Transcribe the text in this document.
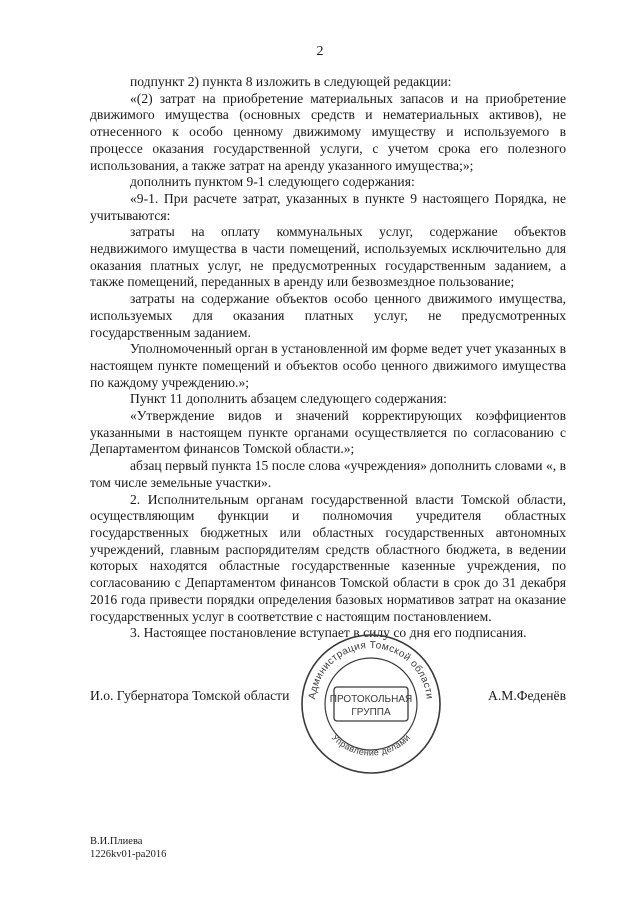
2

подпункт 2) пункта 8 изложить в следующей редакции:

«(2) затрат на приобретение материальных запасов и на приобретение движимого имущества (основных средств и нематериальных активов), не отнесенного к особо ценному движимому имуществу и используемого в процессе оказания государственной услуги, с учетом срока его полезного использования, а также затрат на аренду указанного имущества;»;

дополнить пунктом 9-1 следующего содержания:

«9-1. При расчете затрат, указанных в пункте 9 настоящего Порядка, не учитываются:

затраты на оплату коммунальных услуг, содержание объектов недвижимого имущества в части помещений, используемых исключительно для оказания платных услуг, не предусмотренных государственным заданием, а также помещений, переданных в аренду или безвозмездное пользование;

затраты на содержание объектов особо ценного движимого имущества, используемых для оказания платных услуг, не предусмотренных государственным заданием.

Уполномоченный орган в установленной им форме ведет учет указанных в настоящем пункте помещений и объектов особо ценного движимого имущества по каждому учреждению.»;

Пункт 11 дополнить абзацем следующего содержания:

«Утверждение видов и значений корректирующих коэффициентов указанными в настоящем пункте органами осуществляется по согласованию с Департаментом финансов Томской области.»;

абзац первый пункта 15 после слова «учреждения» дополнить словами «, в том числе земельные участки».

2. Исполнительным органам государственной власти Томской области, осуществляющим функции и полномочия учредителя областных государственных бюджетных или областных государственных автономных учреждений, главным распорядителям средств областного бюджета, в ведении которых находятся областные государственные казенные учреждения, по согласованию с Департаментом финансов Томской области в срок до 31 декабря 2016 года привести порядки определения базовых нормативов затрат на оказание государственных услуг в соответствие с настоящим постановлением.

3. Настоящее постановление вступает в силу со дня его подписания.

И.о. Губернатора Томской области	А.М.Феденёв
Администрация Томской области
Управление делами
ПРОТОКОЛЬНАЯ
ГРУППА
В.И.Плиева
1226kv01-pa2016
